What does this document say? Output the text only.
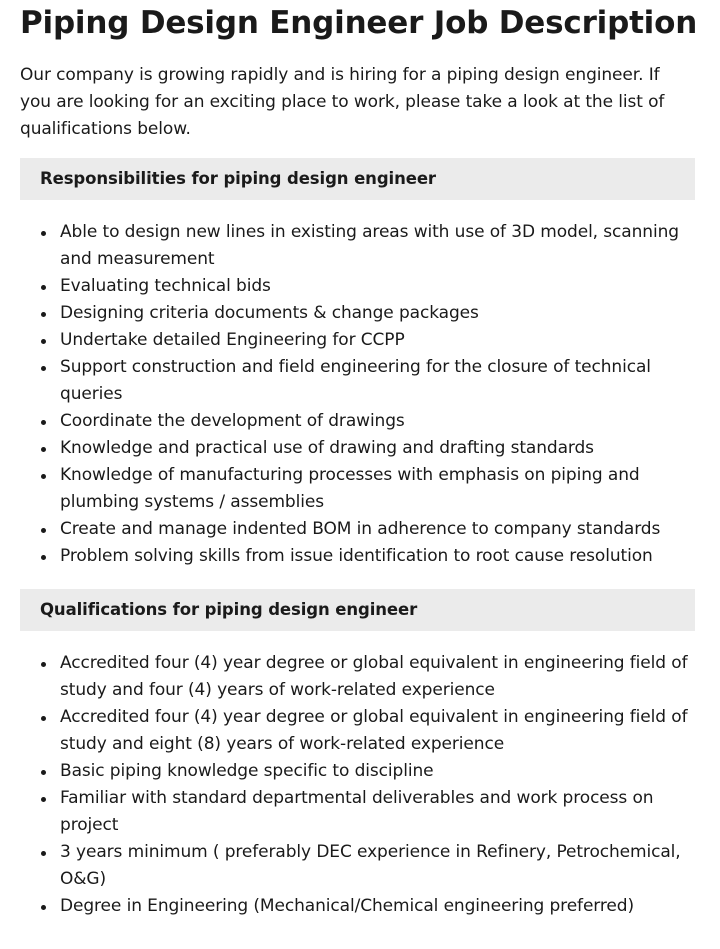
Piping Design Engineer Job Description

Our company is growing rapidly and is hiring for a piping design engineer. If you are looking for an exciting place to work, please take a look at the list of qualifications below.

Responsibilities for piping design engineer
Able to design new lines in existing areas with use of 3D model, scanning and measurement
Evaluating technical bids
Designing criteria documents & change packages
Undertake detailed Engineering for CCPP
Support construction and field engineering for the closure of technical queries
Coordinate the development of drawings
Knowledge and practical use of drawing and drafting standards
Knowledge of manufacturing processes with emphasis on piping and plumbing systems / assemblies
Create and manage indented BOM in adherence to company standards
Problem solving skills from issue identification to root cause resolution
Qualifications for piping design engineer
Accredited four (4) year degree or global equivalent in engineering field of study and four (4) years of work-related experience
Accredited four (4) year degree or global equivalent in engineering field of study and eight (8) years of work-related experience
Basic piping knowledge specific to discipline
Familiar with standard departmental deliverables and work process on project
3 years minimum ( preferably DEC experience in Refinery, Petrochemical, O&G)
Degree in Engineering (Mechanical/Chemical engineering preferred)
